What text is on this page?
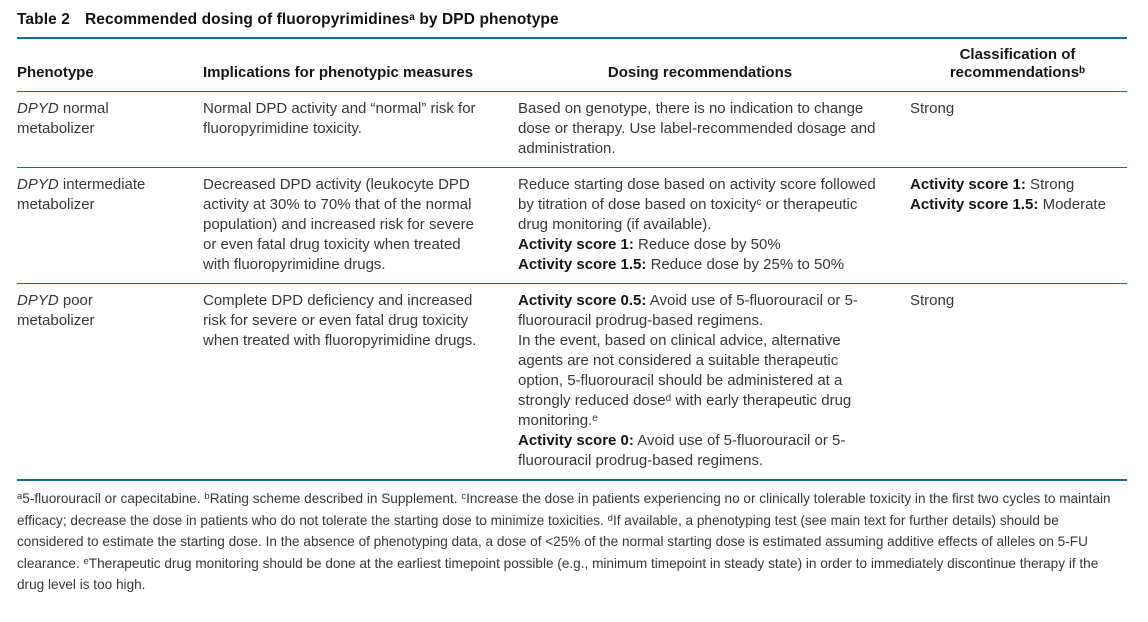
Table 2 Recommended dosing of fluoropyrimidines$^a$ by DPD phenotype
Phenotype	Implications for phenotypic measures	Dosing recommendations
Classification of
recommendations$^b$
DPYD normal metabolizer
Normal DPD activity and “normal” risk for fluoropyrimidine toxicity.
Based on genotype, there is no indication to change dose or therapy. Use label-recommended dosage and administration.
Strong
DPYD intermediate metabolizer
Decreased DPD activity (leukocyte DPD activity at 30% to 70% that of the normal population) and increased risk for severe or even fatal drug toxicity when treated with fluoropyrimidine drugs.
Reduce starting dose based on activity score followed by titration of dose based on toxicity$^c$ or therapeutic drug monitoring (if available).
Activity score 1: Reduce dose by 50%
Activity score 1.5: Reduce dose by 25% to 50%
Activity score 1: Strong
Activity score 1.5: Moderate
DPYD poor metabolizer
Complete DPD deficiency and increased risk for severe or even fatal drug toxicity when treated with fluoropyrimidine drugs.
Activity score 0.5: Avoid use of 5-fluorouracil or 5-fluorouracil prodrug-based regimens.
In the event, based on clinical advice, alternative agents are not considered a suitable therapeutic option, 5-fluorouracil should be administered at a strongly reduced dose$^d$ with early therapeutic drug monitoring.$^e$
Activity score 0: Avoid use of 5-fluorouracil or 5-fluorouracil prodrug-based regimens.
Strong
$^a$5-fluorouracil or capecitabine. $^b$Rating scheme described in Supplement. $^c$Increase the dose in patients experiencing no or clinically tolerable toxicity in the first two cycles to maintain efficacy; decrease the dose in patients who do not tolerate the starting dose to minimize toxicities. $^d$If available, a phenotyping test (see main text for further details) should be considered to estimate the starting dose. In the absence of phenotyping data, a dose of <25% of the normal starting dose is estimated assuming additive effects of alleles on 5-FU clearance. $^e$Therapeutic drug monitoring should be done at the earliest timepoint possible (e.g., minimum timepoint in steady state) in order to immediately discontinue therapy if the drug level is too high.
